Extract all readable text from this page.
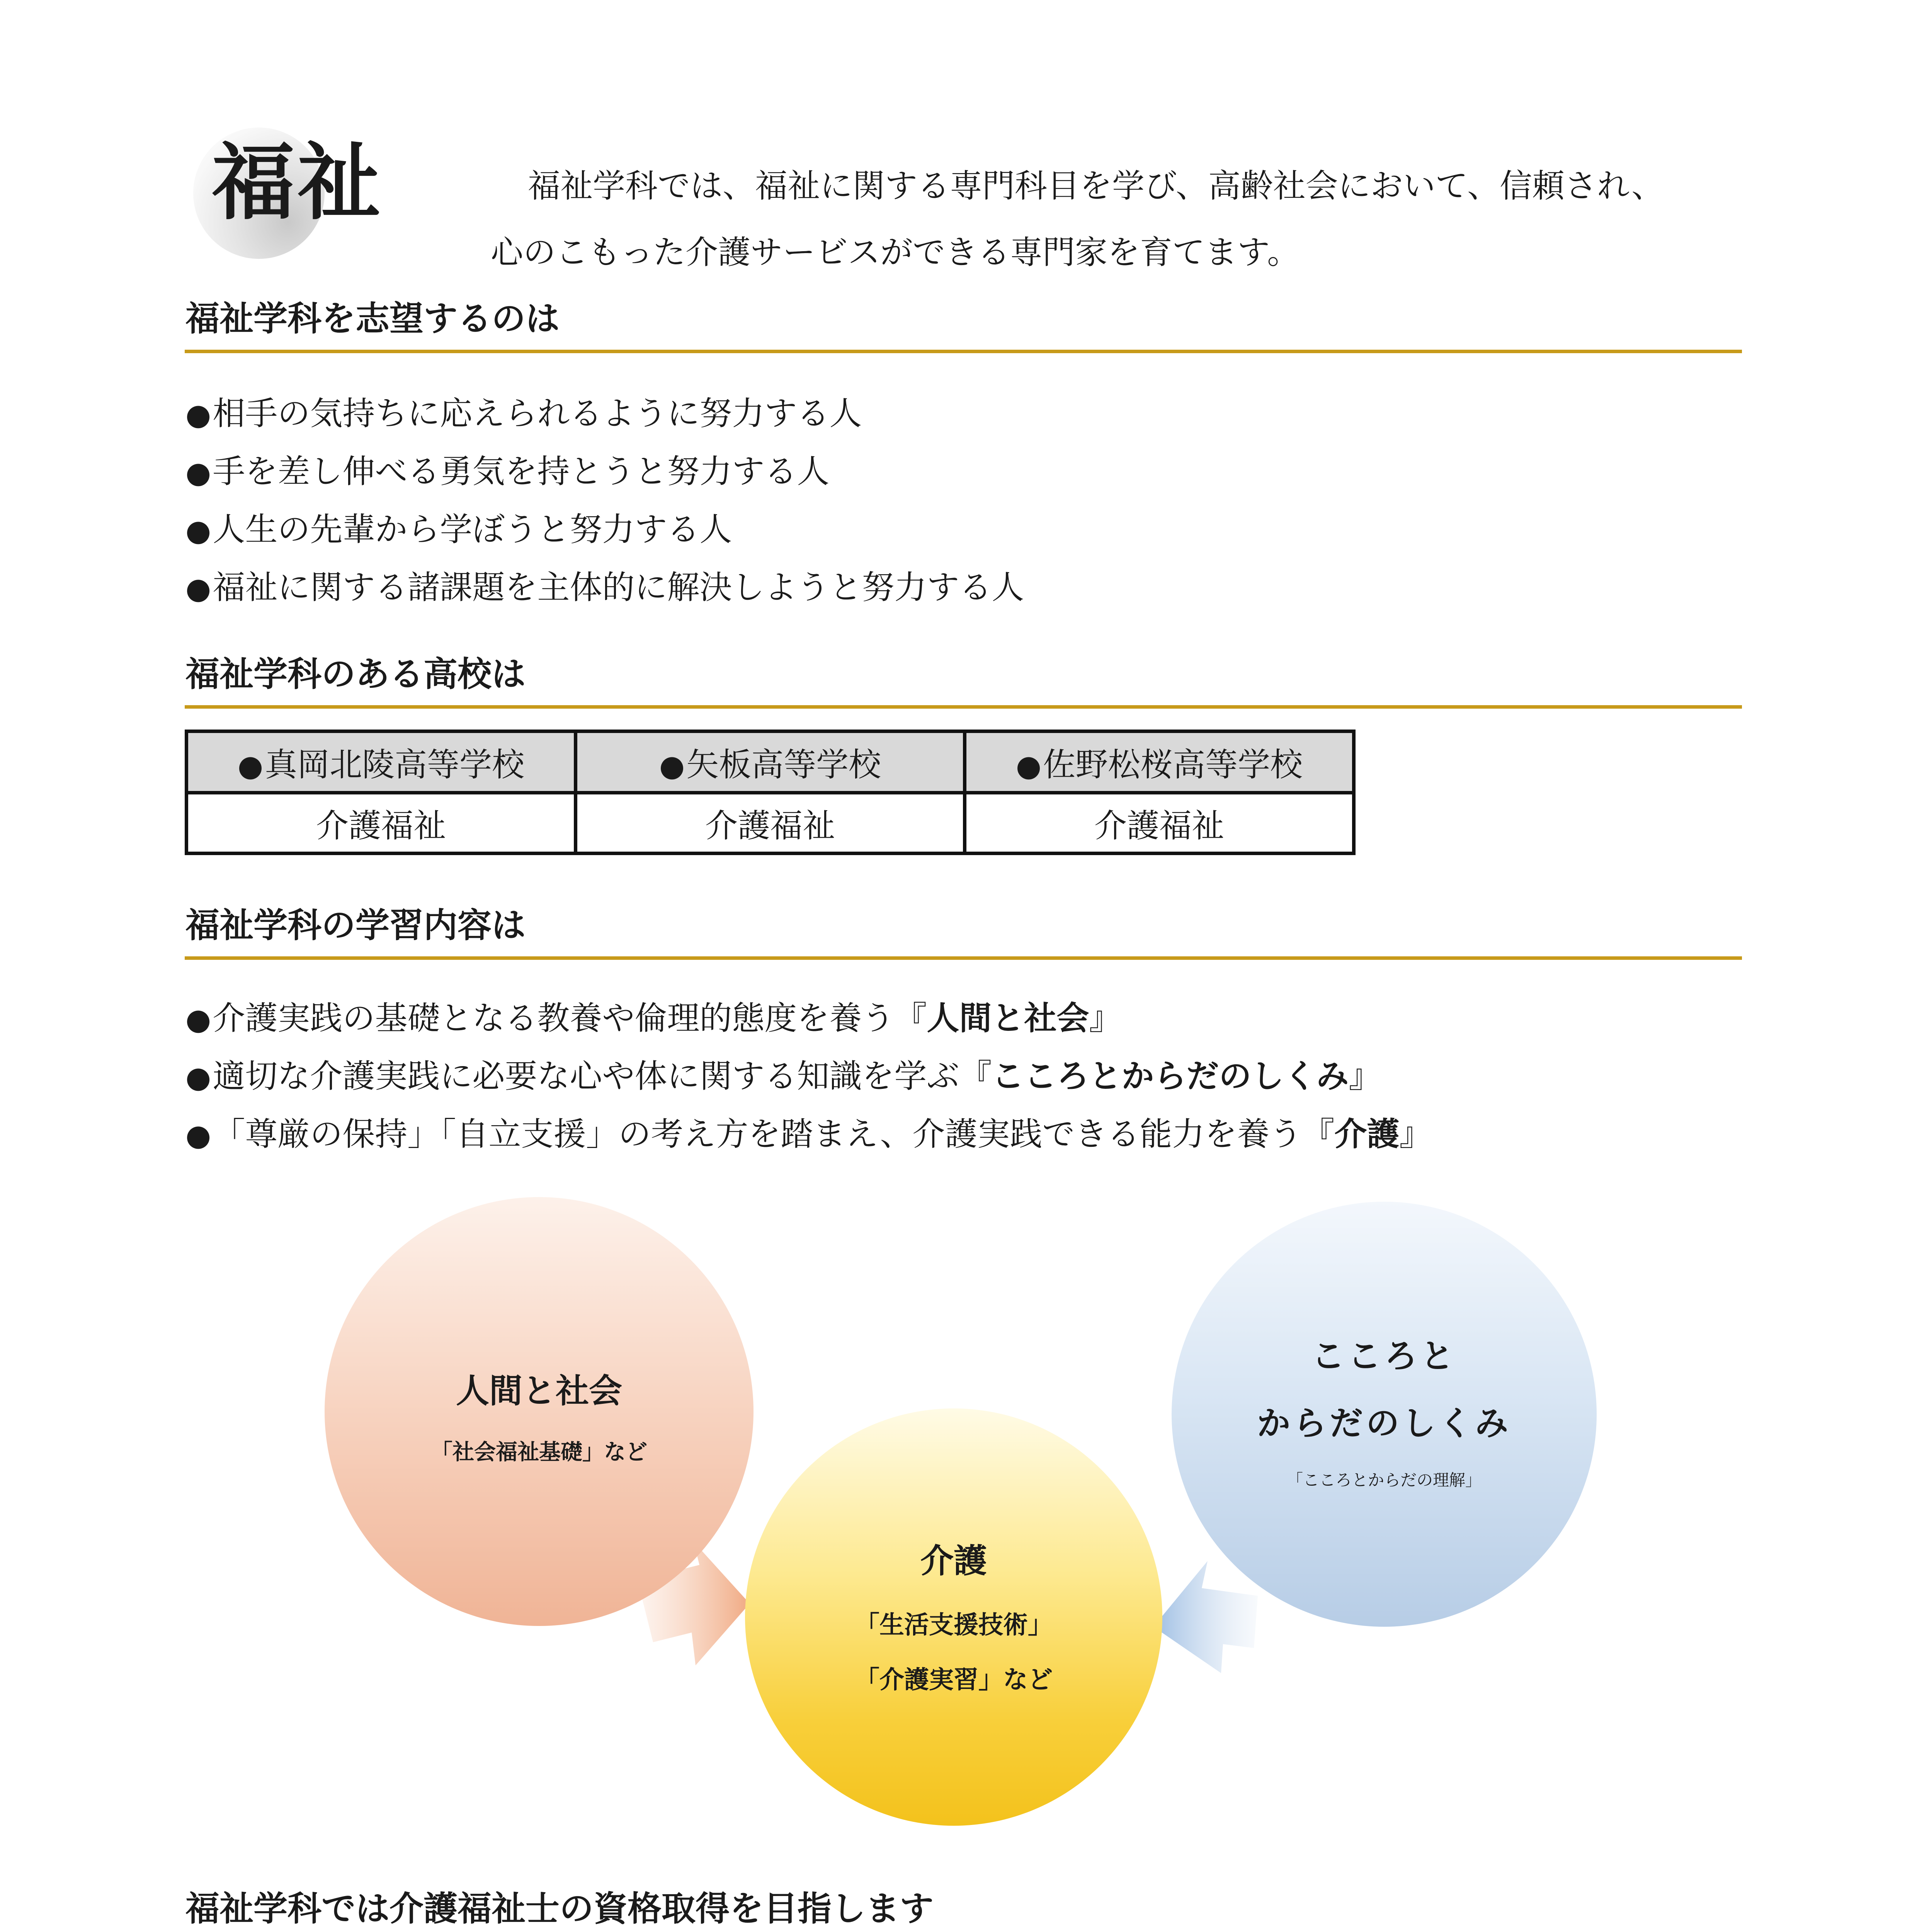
福祉	福祉学科では、福祉に関する専門科目を学び、高齢社会において、信頼され、

心のこもった介護サービスができる専門家を育てます。

福祉学科を志望するのは
●相手の気持ちに応えられるように努力する人
●手を差し伸べる勇気を持とうと努力する人
●人生の先輩から学ぼうと努力する人
●福祉に関する諸課題を主体的に解決しようと努力する人
福祉学科のある高校は
●真岡北陵高等学校	●矢板高等学校	●佐野松桜高等学校
介護福祉	介護福祉	介護福祉
福祉学科の学習内容は
●介護実践の基礎となる教養や倫理的態度を養う『人間と社会』
●適切な介護実践に必要な心や体に関する知識を学ぶ『こころとからだのしくみ』
●「尊厳の保持」「自立支援」の考え方を踏まえ、介護実践できる能力を養う『介護』
人間と社会
「社会福祉基礎」など
こころと
からだのしくみ
「こころとからだの理解」
介護
「生活支援技術」
「介護実習」など
福祉学科では介護福祉士の資格取得を目指します
